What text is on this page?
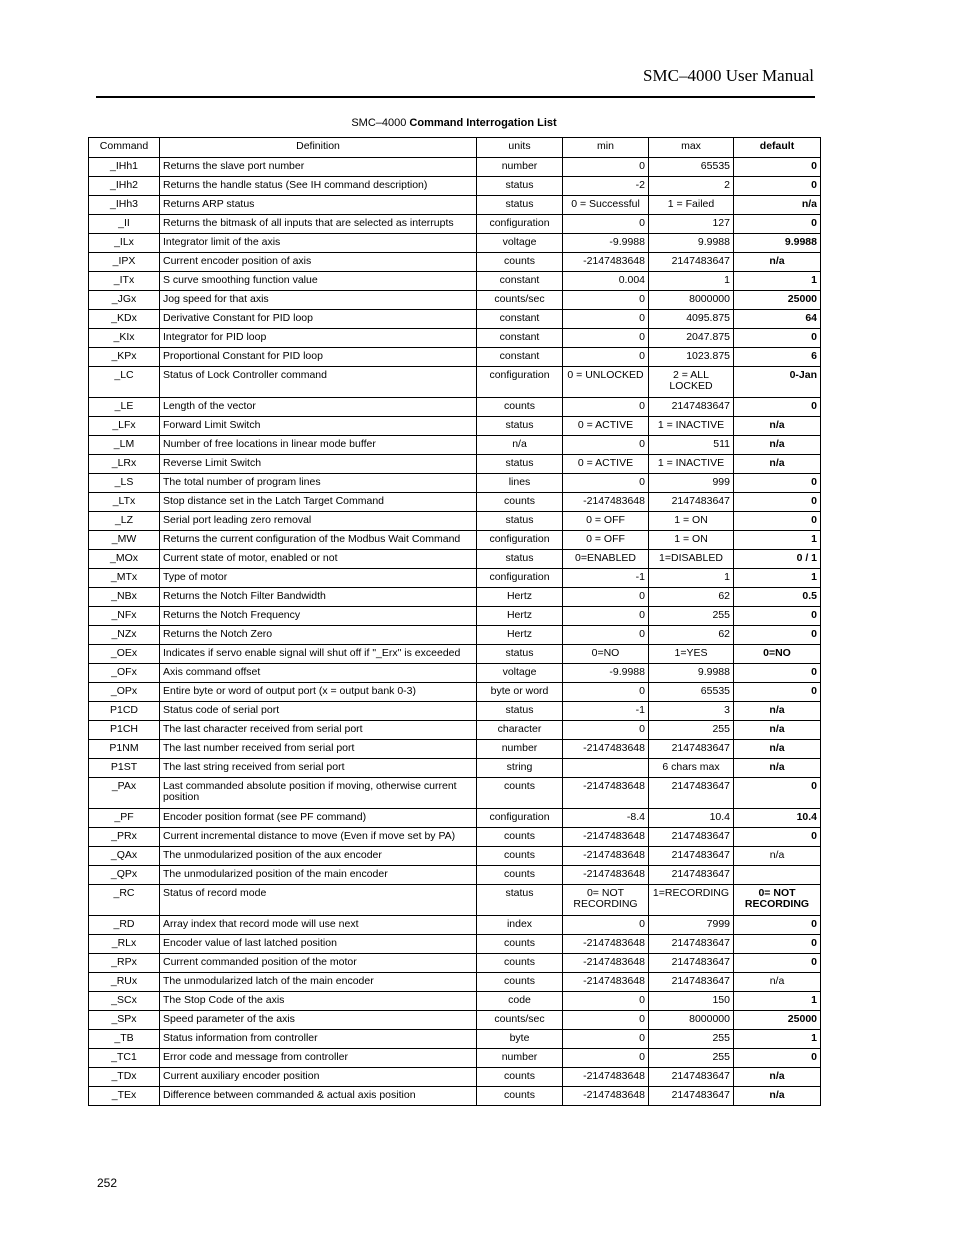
SMC–4000 User Manual
SMC–4000 Command Interrogation List
Command	Definition	units	min	max	default
_IHh1	Returns the slave port number	number	0	65535	0
_IHh2	Returns the handle status (See IH command description)	status	-2	2	0
_IHh3	Returns ARP status	status	0 = Successful	1 = Failed	n/a
_II	Returns the bitmask of all inputs that are selected as interrupts	configuration	0	127	0
_ILx	Integrator limit of the axis	voltage	-9.9988	9.9988	9.9988
_IPX	Current encoder position of axis	counts	-2147483648	2147483647	n/a
_ITx	S curve smoothing function value	constant	0.004	1	1
_JGx	Jog speed for that axis	counts/sec	0	8000000	25000
_KDx	Derivative Constant for PID loop	constant	0	4095.875	64
_KIx	Integrator for PID loop	constant	0	2047.875	0
_KPx	Proportional Constant for PID loop	constant	0	1023.875	6
_LC	Status of Lock Controller command	configuration	0 = UNLOCKED	2 = ALL LOCKED	0-Jan
_LE	Length of the vector	counts	0	2147483647	0
_LFx	Forward Limit Switch	status	0 = ACTIVE	1 = INACTIVE	n/a
_LM	Number of free locations in linear mode buffer	n/a	0	511	n/a
_LRx	Reverse Limit Switch	status	0 = ACTIVE	1 = INACTIVE	n/a
_LS	The total number of program lines	lines	0	999	0
_LTx	Stop distance set in the Latch Target Command	counts	-2147483648	2147483647	0
_LZ	Serial port leading zero removal	status	0 = OFF	1 = ON	0
_MW	Returns the current configuration of the Modbus Wait Command	configuration	0 = OFF	1 = ON	1
_MOx	Current state of motor, enabled or not	status	0=ENABLED	1=DISABLED	0 / 1
_MTx	Type of motor	configuration	-1	1	1
_NBx	Returns the Notch Filter Bandwidth	Hertz	0	62	0.5
_NFx	Returns the Notch Frequency	Hertz	0	255	0
_NZx	Returns the Notch Zero	Hertz	0	62	0
_OEx	Indicates if servo enable signal will shut off if "_Erx" is exceeded	status	0=NO	1=YES	0=NO
_OFx	Axis command offset	voltage	-9.9988	9.9988	0
_OPx	Entire byte or word of output port (x = output bank 0-3)	byte or word	0	65535	0
P1CD	Status code of serial port	status	-1	3	n/a
P1CH	The last character received from serial port	character	0	255	n/a
P1NM	The last number received from serial port	number	-2147483648	2147483647	n/a
P1ST	The last string received from serial port	string		6 chars max	n/a
_PAx	Last commanded absolute position if moving, otherwise current position	counts	-2147483648	2147483647	0
_PF	Encoder position format (see PF command)	configuration	-8.4	10.4	10.4
_PRx	Current incremental distance to move (Even if move set by PA)	counts	-2147483648	2147483647	0
_QAx	The unmodularized position of the aux encoder	counts	-2147483648	2147483647	n/a
_QPx	The unmodularized position of the main encoder	counts	-2147483648	2147483647	
_RC	Status of record mode	status	0= NOT RECORDING	1=RECORDING	0= NOT RECORDING
_RD	Array index that record mode will use next	index	0	7999	0
_RLx	Encoder value of last latched position	counts	-2147483648	2147483647	0
_RPx	Current commanded position of the motor	counts	-2147483648	2147483647	0
_RUx	The unmodularized latch of the main encoder	counts	-2147483648	2147483647	n/a
_SCx	The Stop Code of the axis	code	0	150	1
_SPx	Speed parameter of the axis	counts/sec	0	8000000	25000
_TB	Status information from controller	byte	0	255	1
_TC1	Error code and message from controller	number	0	255	0
_TDx	Current auxiliary encoder position	counts	-2147483648	2147483647	n/a
_TEx	Difference between commanded & actual axis position	counts	-2147483648	2147483647	n/a
252
